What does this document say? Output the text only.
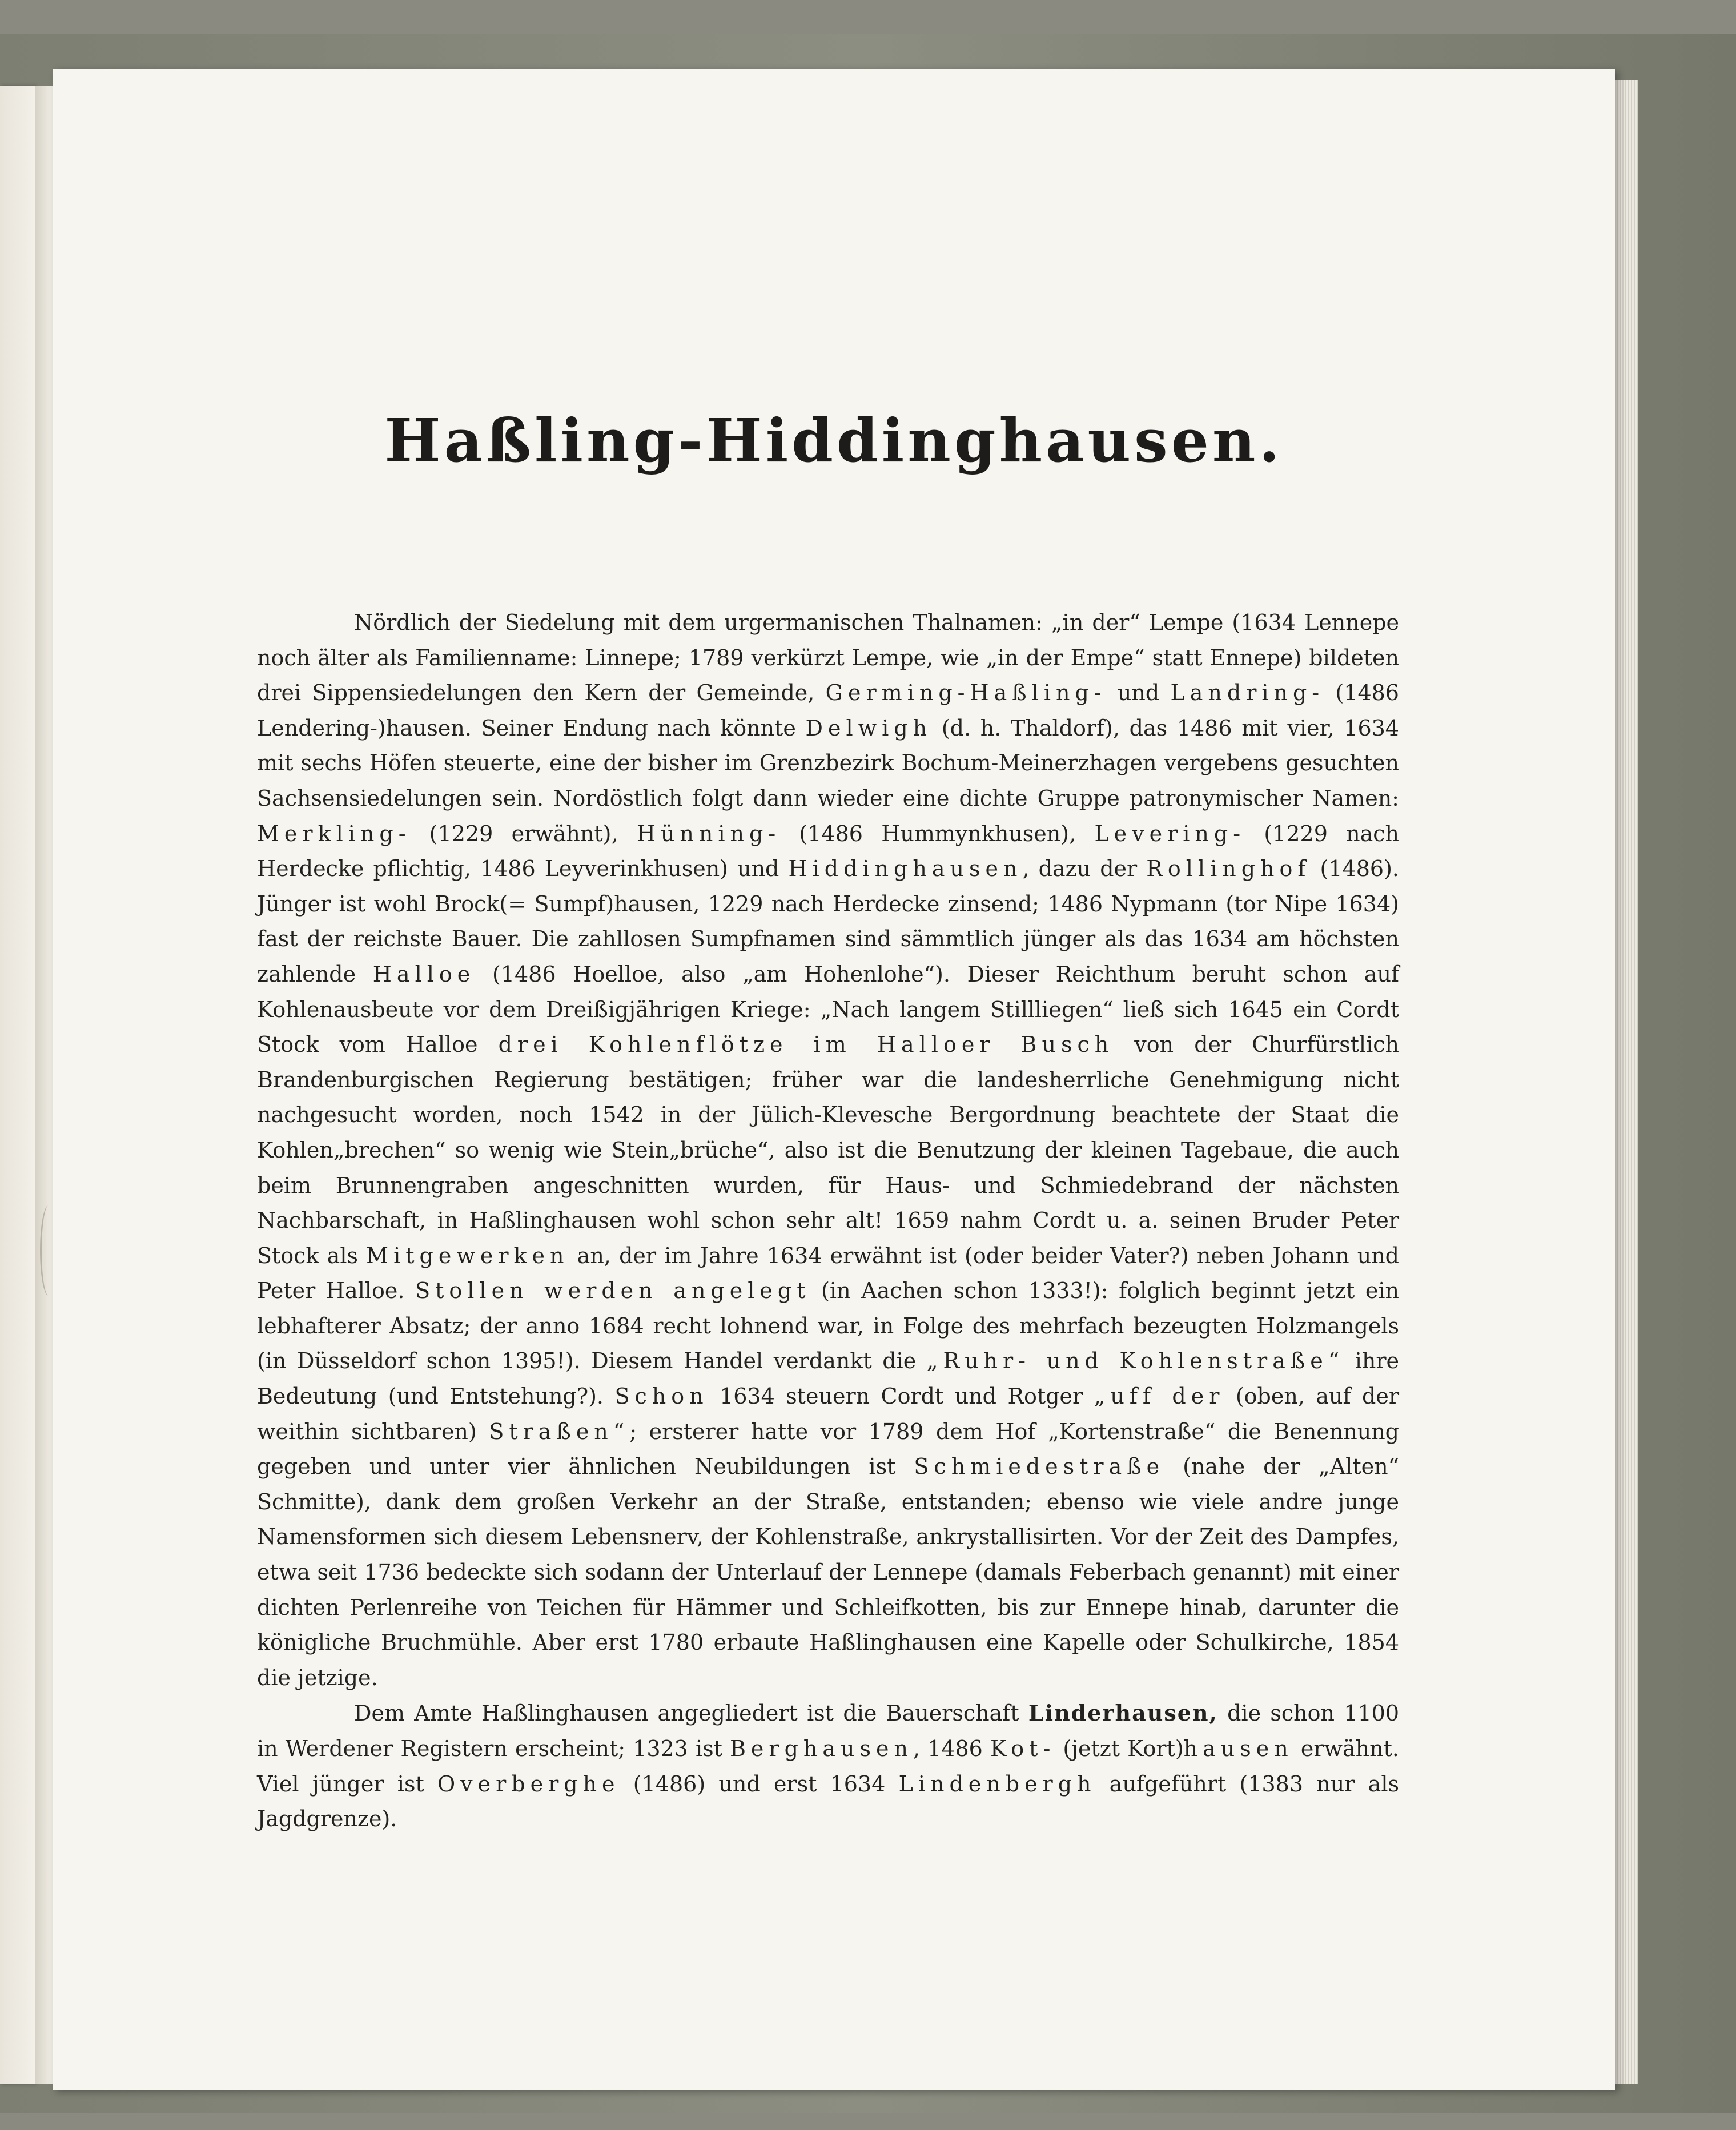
Haßling-Hiddinghausen.

Nördlich der Siedelung mit dem urgermanischen Thalnamen: „in der“ Lempe (1634 Lennepe noch älter als Familienname: Linnepe; 1789 verkürzt Lempe, wie „in der Empe“ statt Ennepe) bildeten drei Sippensiedelungen den Kern der Gemeinde, Germing-Haßling- und Landring- (1486 Lendering-)hausen. Seiner Endung nach könnte Delwigh (d. h. Thaldorf), das 1486 mit vier, 1634 mit sechs Höfen steuerte, eine der bisher im Grenzbezirk Bochum-Meinerzhagen vergebens gesuchten Sachsensiedelungen sein. Nordöstlich folgt dann wieder eine dichte Gruppe patronymischer Namen: Merkling- (1229 erwähnt), Hünning- (1486 Hummynkhusen), Levering- (1229 nach Herdecke pflichtig, 1486 Leyverinkhusen) und Hiddinghausen, dazu der Rollinghof (1486). Jünger ist wohl Brock(= Sumpf)hausen, 1229 nach Herdecke zinsend; 1486 Nypmann (tor Nipe 1634) fast der reichste Bauer. Die zahllosen Sumpfnamen sind sämmtlich jünger als das 1634 am höchsten zahlende Halloe (1486 Hoelloe, also „am Hohenlohe“). Dieser Reichthum beruht schon auf Kohlenausbeute vor dem Dreißigjährigen Kriege: „Nach langem Stillliegen“ ließ sich 1645 ein Cordt Stock vom Halloe drei Kohlenflötze im Halloer Busch von der Churfürstlich Brandenburgischen Regierung bestätigen; früher war die landesherrliche Genehmigung nicht nachgesucht worden, noch 1542 in der Jülich-Klevesche Bergordnung beachtete der Staat die Kohlen„brechen“ so wenig wie Stein„brüche“, also ist die Benutzung der kleinen Tagebaue, die auch beim Brunnengraben angeschnitten wurden, für Haus- und Schmiedebrand der nächsten Nachbarschaft, in Haßlinghausen wohl schon sehr alt! 1659 nahm Cordt u. a. seinen Bruder Peter Stock als Mitgewerken an, der im Jahre 1634 erwähnt ist (oder beider Vater?) neben Johann und Peter Halloe. Stollen werden angelegt (in Aachen schon 1333!): folglich beginnt jetzt ein lebhafterer Absatz; der anno 1684 recht lohnend war, in Folge des mehrfach bezeugten Holzmangels (in Düsseldorf schon 1395!). Diesem Handel verdankt die „Ruhr- und Kohlenstraße“ ihre Bedeutung (und Entstehung?). Schon 1634 steuern Cordt und Rotger „uff der (oben, auf der weithin sichtbaren) Straßen“; ersterer hatte vor 1789 dem Hof „Kortenstraße“ die Benennung gegeben und unter vier ähnlichen Neubildungen ist Schmiedestraße (nahe der „Alten“ Schmitte), dank dem großen Verkehr an der Straße, entstanden; ebenso wie viele andre junge Namensformen sich diesem Lebensnerv, der Kohlenstraße, ankrystallisirten. Vor der Zeit des Dampfes, etwa seit 1736 bedeckte sich sodann der Unterlauf der Lennepe (damals Feberbach genannt) mit einer dichten Perlenreihe von Teichen für Hämmer und Schleifkotten, bis zur Ennepe hinab, darunter die königliche Bruchmühle. Aber erst 1780 erbaute Haßlinghausen eine Kapelle oder Schulkirche, 1854 die jetzige.

Dem Amte Haßlinghausen angegliedert ist die Bauerschaft Linderhausen, die schon 1100 in Werdener Registern erscheint; 1323 ist Berghausen, 1486 Kot- (jetzt Kort)hausen erwähnt. Viel jünger ist Overberghe (1486) und erst 1634 Lindenbergh aufgeführt (1383 nur als Jagdgrenze).
